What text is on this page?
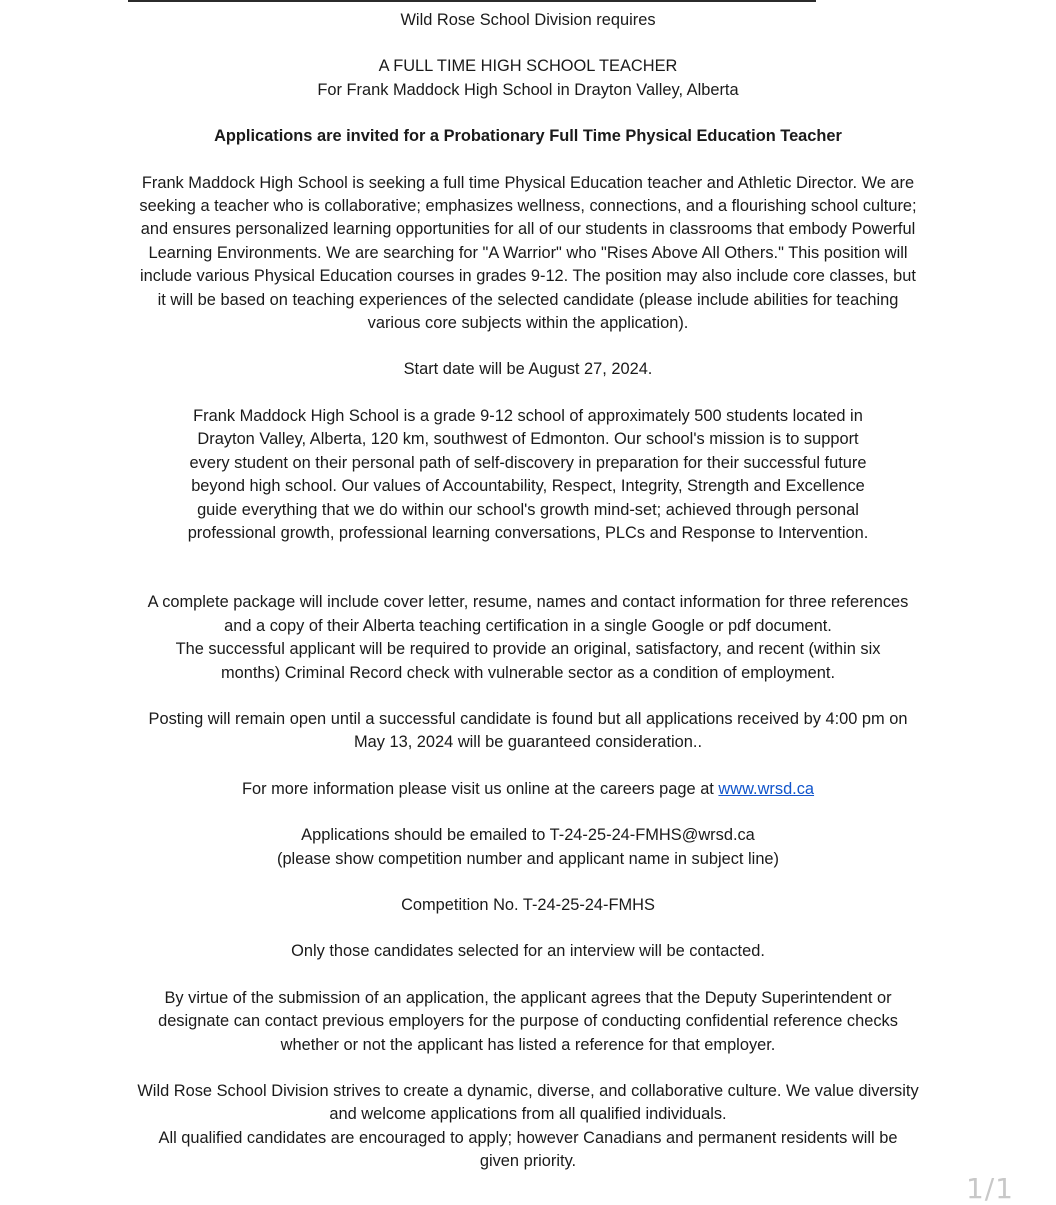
Wild Rose School Division requires

A FULL TIME HIGH SCHOOL TEACHER

For Frank Maddock High School in Drayton Valley, Alberta

Applications are invited for a Probationary Full Time Physical Education Teacher

Frank Maddock High School is seeking a full time Physical Education teacher and Athletic Director. We are

seeking a teacher who is collaborative; emphasizes wellness, connections, and a flourishing school culture;

and ensures personalized learning opportunities for all of our students in classrooms that embody Powerful

Learning Environments. We are searching for "A Warrior" who "Rises Above All Others." This position will

include various Physical Education courses in grades 9-12. The position may also include core classes, but

it will be based on teaching experiences of the selected candidate (please include abilities for teaching

various core subjects within the application).

Start date will be August 27, 2024.

Frank Maddock High School is a grade 9-12 school of approximately 500 students located in

Drayton Valley, Alberta, 120 km, southwest of Edmonton. Our school's mission is to support

every student on their personal path of self-discovery in preparation for their successful future

beyond high school. Our values of Accountability, Respect, Integrity, Strength and Excellence

guide everything that we do within our school's growth mind-set; achieved through personal

professional growth, professional learning conversations, PLCs and Response to Intervention.

A complete package will include cover letter, resume, names and contact information for three references

and a copy of their Alberta teaching certification in a single Google or pdf document.

The successful applicant will be required to provide an original, satisfactory, and recent (within six

months) Criminal Record check with vulnerable sector as a condition of employment.

Posting will remain open until a successful candidate is found but all applications received by 4:00 pm on

May 13, 2024 will be guaranteed consideration..

For more information please visit us online at the careers page at www.wrsd.ca

Applications should be emailed to T-24-25-24-FMHS@wrsd.ca

(please show competition number and applicant name in subject line)

Competition No. T-24-25-24-FMHS

Only those candidates selected for an interview will be contacted.

By virtue of the submission of an application, the applicant agrees that the Deputy Superintendent or

designate can contact previous employers for the purpose of conducting confidential reference checks

whether or not the applicant has listed a reference for that employer.

Wild Rose School Division strives to create a dynamic, diverse, and collaborative culture. We value diversity

and welcome applications from all qualified individuals.

All qualified candidates are encouraged to apply; however Canadians and permanent residents will be

given priority.

1/1
